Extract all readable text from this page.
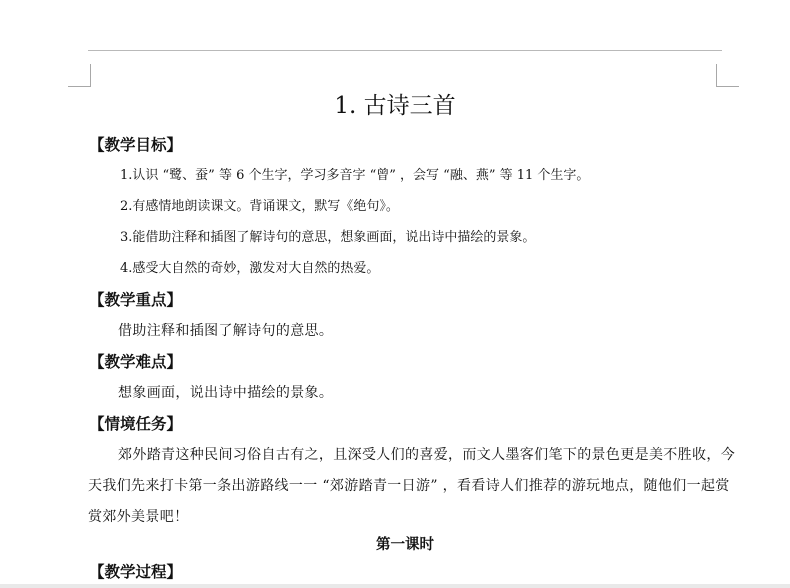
1. 古诗三首
【教学目标】
1.认识 “鹭、蚕” 等 6 个生字，学习多音字 “曾” ，会写 “融、燕” 等 11 个生字。
2.有感情地朗读课文。背诵课文，默写《绝句》。
3.能借助注释和插图了解诗句的意思，想象画面，说出诗中描绘的景象。
4.感受大自然的奇妙，激发对大自然的热爱。
【教学重点】
借助注释和插图了解诗句的意思。
【教学难点】
想象画面，说出诗中描绘的景象。
【情境任务】
郊外踏青这种民间习俗自古有之，且深受人们的喜爱，而文人墨客们笔下的景色更是美不胜收，今
天我们先来打卡第一条出游路线一一 “郊游踏青一日游” ，看看诗人们推荐的游玩地点，随他们一起赏
赏郊外美景吧！
第一课时
【教学过程】
